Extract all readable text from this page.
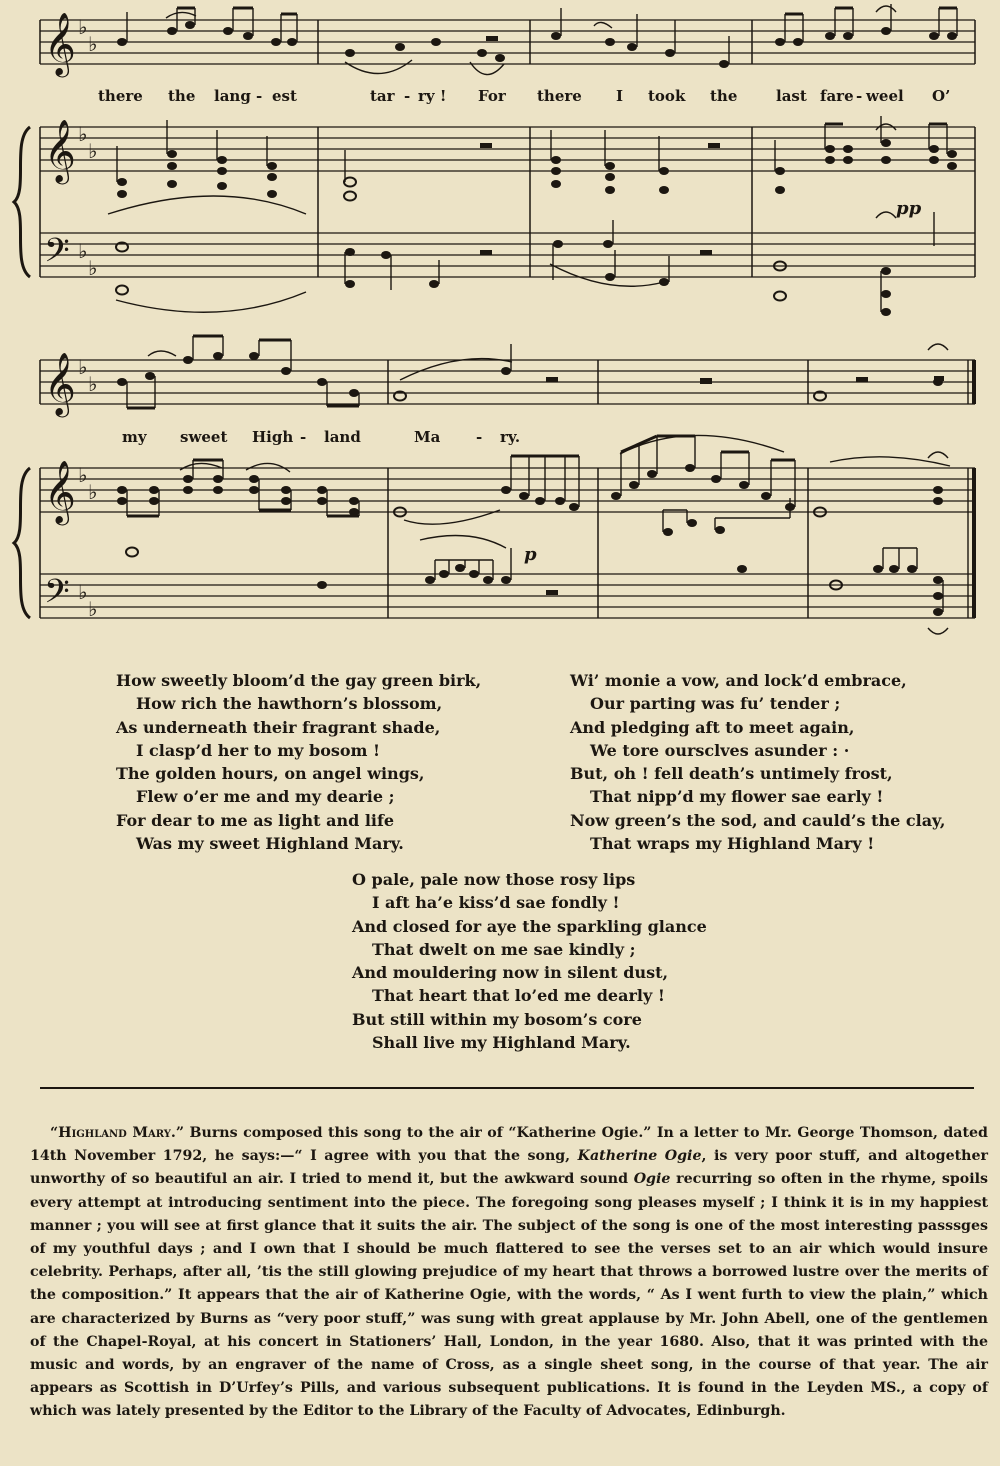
𝄞
𝄞
𝄞
𝄞
𝄢
𝄢
♭
♭
♭
♭
♭
♭
♭
♭
♭
♭
♭
♭
pp
p
there the lang - est	tar - ry ! For there I took the	last fare - weel O’
my sweet High - land	Ma - ry.
How sweetly bloom’d the gay green birk,
How rich the hawthorn’s blossom,
As underneath their fragrant shade,
I clasp’d her to my bosom !
The golden hours, on angel wings,
Flew o’er me and my dearie ;
For dear to me as light and life
Was my sweet Highland Mary.
Wi’ monie a vow, and lock’d embrace,
Our parting was fu’ tender ;
And pledging aft to meet again,
We tore oursclves asunder : ·
But, oh ! fell death’s untimely frost,
That nipp’d my flower sae early !
Now green’s the sod, and cauld’s the clay,
That wraps my Highland Mary !
O pale, pale now those rosy lips
I aft ha’e kiss’d sae fondly !
And closed for aye the sparkling glance
That dwelt on me sae kindly ;
And mouldering now in silent dust,
That heart that lo’ed me dearly !
But still within my bosom’s core
Shall live my Highland Mary.
“Highland Mary.” Burns composed this song to the air of “Katherine Ogie.” In a letter to Mr. George Thomson, dated 14th November 1792, he says:—“ I agree with you that the song, Katherine Ogie, is very poor stuff, and altogether unworthy of so beautiful an air. I tried to mend it, but the awkward sound Ogie recurring so often in the rhyme, spoils every attempt at introducing sentiment into the piece. The foregoing song pleases myself ; I think it is in my happiest manner ; you will see at first glance that it suits the air. The subject of the song is one of the most interesting passsges of my youthful days ; and I own that I should be much flattered to see the verses set to an air which would insure celebrity. Perhaps, after all, ’tis the still glowing prejudice of my heart that throws a borrowed lustre over the merits of the composition.” It appears that the air of Katherine Ogie, with the words, “ As I went furth to view the plain,” which are characterized by Burns as “very poor stuff,” was sung with great applause by Mr. John Abell, one of the gentlemen of the Chapel-Royal, at his concert in Stationers’ Hall, London, in the year 1680. Also, that it was printed with the music and words, by an engraver of the name of Cross, as a single sheet song, in the course of that year. The air appears as Scottish in D’Urfey’s Pills, and various subsequent publications. It is found in the Leyden MS., a copy of which was lately presented by the Editor to the Library of the Faculty of Advocates, Edinburgh.
